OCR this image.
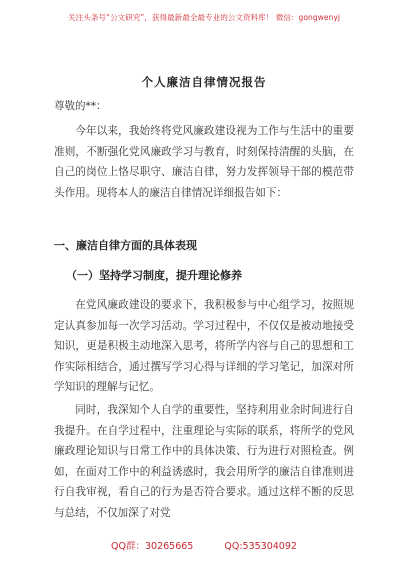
关注头条号“公文研究”，获得最新最全最专业的公文资料库！ 微信：gongwenyj
个人廉洁自律情况报告
尊敬的**：

今年以来，我始终将党风廉政建设视为工作与生活中的重要准则，不断强化党风廉政学习与教育，时刻保持清醒的头脑，在自己的岗位上恪尽职守、廉洁自律，努力发挥领导干部的模范带头作用。现将本人的廉洁自律情况详细报告如下：

一、廉洁自律方面的具体表现
（一）坚持学习制度，提升理论修养

在党风廉政建设的要求下，我积极参与中心组学习，按照规定认真参加每一次学习活动。学习过程中，不仅仅是被动地接受知识，更是积极主动地深入思考，将所学内容与自己的思想和工作实际相结合，通过撰写学习心得与详细的学习笔记，加深对所学知识的理解与记忆。

同时，我深知个人自学的重要性，坚持利用业余时间进行自我提升。在自学过程中，注重理论与实际的联系，将所学的党风廉政理论知识与日常工作中的具体决策、行为进行对照检查。例如，在面对工作中的利益诱惑时，我会用所学的廉洁自律准则进行自我审视，看自己的行为是否符合要求。通过这样不断的反思与总结，不仅加深了对党

QQ群：30265665	QQ:535304092
